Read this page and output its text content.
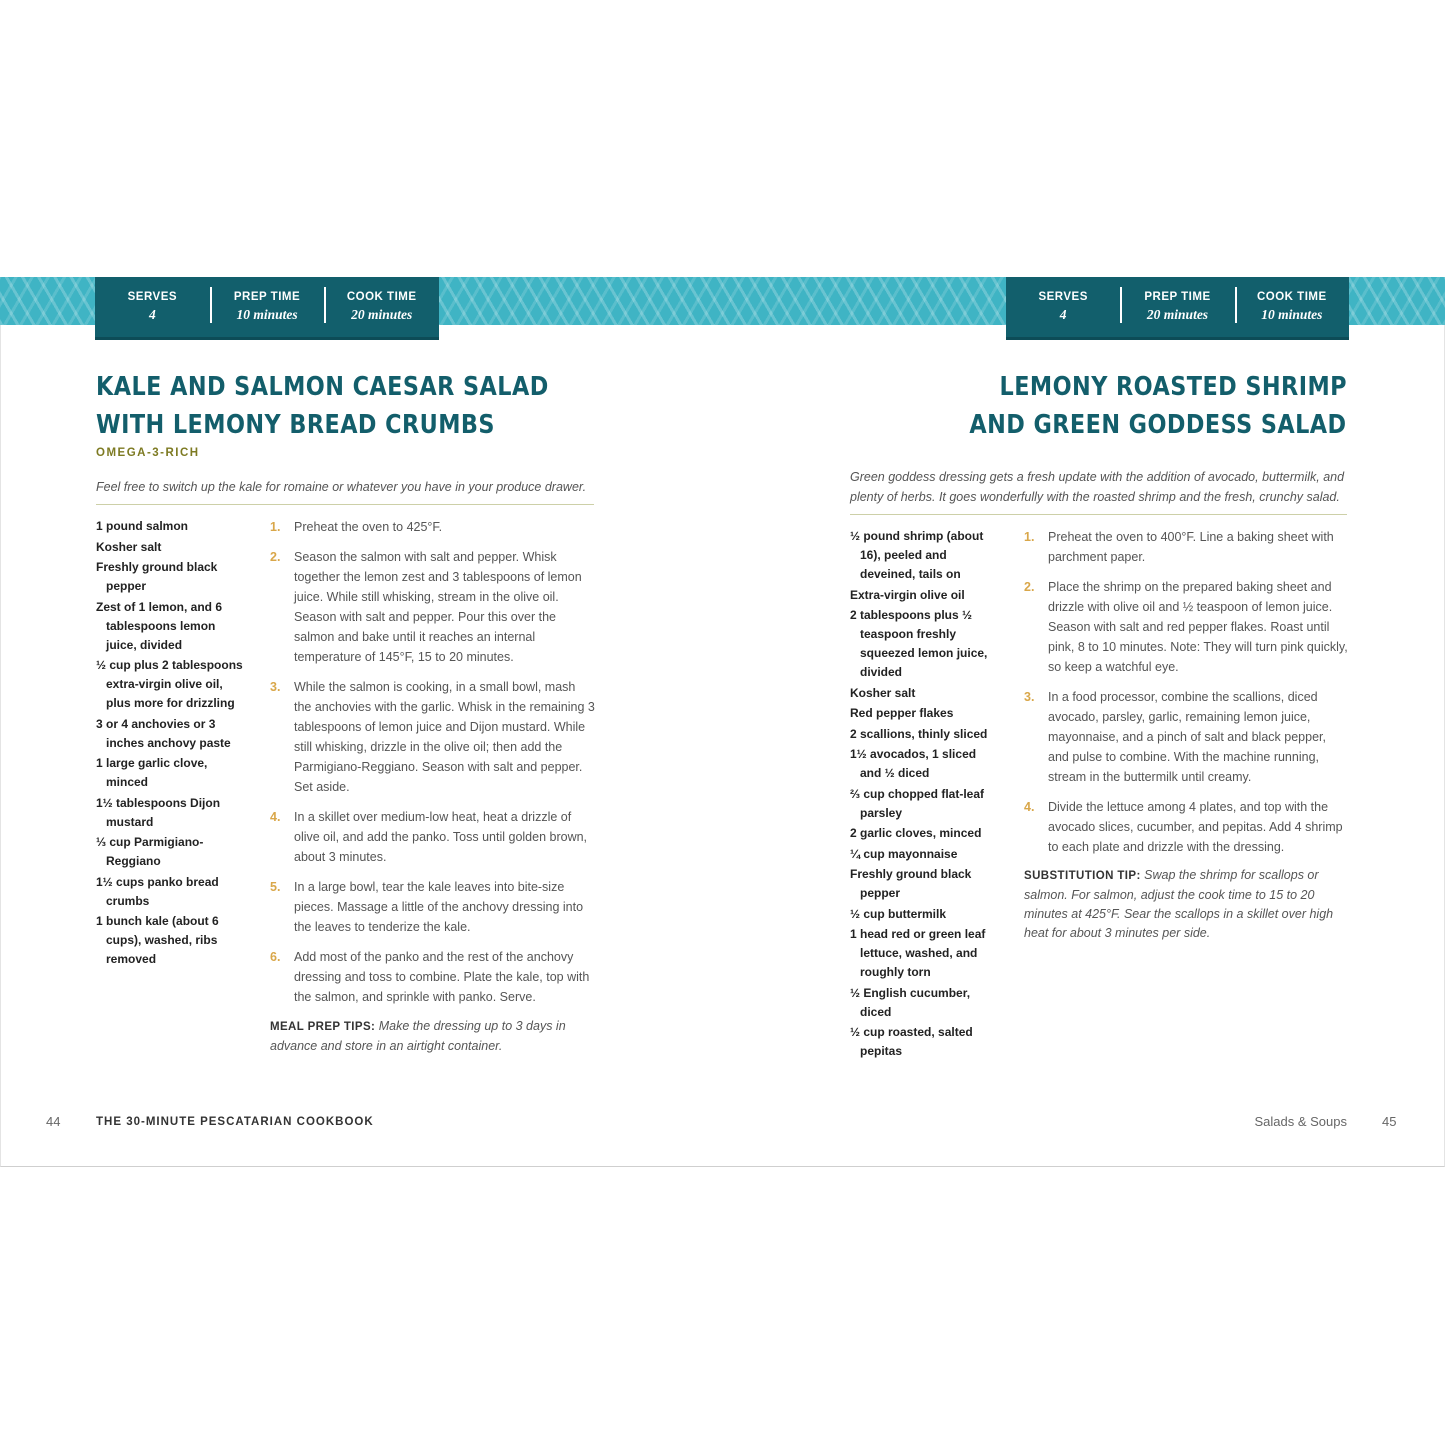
SERVES
4
PREP TIME
10 minutes
COOK TIME
20 minutes
KALE AND SALMON CAESAR SALAD
WITH LEMONY BREAD CRUMBS
OMEGA-3-RICH
Feel free to switch up the kale for romaine or whatever you have in your produce drawer.
1 pound salmon
Kosher salt
Freshly ground black pepper
Zest of 1 lemon, and 6 tablespoons lemon juice, divided
½ cup plus 2 tablespoons extra-virgin olive oil, plus more for drizzling
3 or 4 anchovies or 3 inches anchovy paste
1 large garlic clove, minced
1½ tablespoons Dijon mustard
⅓ cup Parmigiano-Reggiano
1½ cups panko bread crumbs
1 bunch kale (about 6 cups), washed, ribs removed
1. Preheat the oven to 425°F.
2. Season the salmon with salt and pepper. Whisk together the lemon zest and 3 tablespoons of lemon juice. While still whisking, stream in the olive oil. Season with salt and pepper. Pour this over the salmon and bake until it reaches an internal temperature of 145°F, 15 to 20 minutes.
3. While the salmon is cooking, in a small bowl, mash the anchovies with the garlic. Whisk in the remaining 3 tablespoons of lemon juice and Dijon mustard. While still whisking, drizzle in the olive oil; then add the Parmigiano-Reggiano. Season with salt and pepper. Set aside.
4. In a skillet over medium-low heat, heat a drizzle of olive oil, and add the panko. Toss until golden brown, about 3 minutes.
5. In a large bowl, tear the kale leaves into bite-size pieces. Massage a little of the anchovy dressing into the leaves to tenderize the kale.
6. Add most of the panko and the rest of the anchovy dressing and toss to combine. Plate the kale, top with the salmon, and sprinkle with panko. Serve.
MEAL PREP TIPS: Make the dressing up to 3 days in advance and store in an airtight container.
44	THE 30-MINUTE PESCATARIAN COOKBOOK
SERVES
4
PREP TIME
20 minutes
COOK TIME
10 minutes
LEMONY ROASTED SHRIMP
AND GREEN GODDESS SALAD
Green goddess dressing gets a fresh update with the addition of avocado, buttermilk, and plenty of herbs. It goes wonderfully with the roasted shrimp and the fresh, crunchy salad.
½ pound shrimp (about 16), peeled and deveined, tails on
Extra-virgin olive oil
2 tablespoons plus ½ teaspoon freshly squeezed lemon juice, divided
Kosher salt
Red pepper flakes
2 scallions, thinly sliced
1½ avocados, 1 sliced and ½ diced
⅔ cup chopped flat-leaf parsley
2 garlic cloves, minced
¼ cup mayonnaise
Freshly ground black pepper
½ cup buttermilk
1 head red or green leaf lettuce, washed, and roughly torn
½ English cucumber, diced
½ cup roasted, salted pepitas
1. Preheat the oven to 400°F. Line a baking sheet with parchment paper.
2. Place the shrimp on the prepared baking sheet and drizzle with olive oil and ½ teaspoon of lemon juice. Season with salt and red pepper flakes. Roast until pink, 8 to 10 minutes. Note: They will turn pink quickly, so keep a watchful eye.
3. In a food processor, combine the scallions, diced avocado, parsley, garlic, remaining lemon juice, mayonnaise, and a pinch of salt and black pepper, and pulse to combine. With the machine running, stream in the buttermilk until creamy.
4. Divide the lettuce among 4 plates, and top with the avocado slices, cucumber, and pepitas. Add 4 shrimp to each plate and drizzle with the dressing.
SUBSTITUTION TIP: Swap the shrimp for scallops or salmon. For salmon, adjust the cook time to 15 to 20 minutes at 425°F. Sear the scallops in a skillet over high heat for about 3 minutes per side.
Salads & Soups	45
